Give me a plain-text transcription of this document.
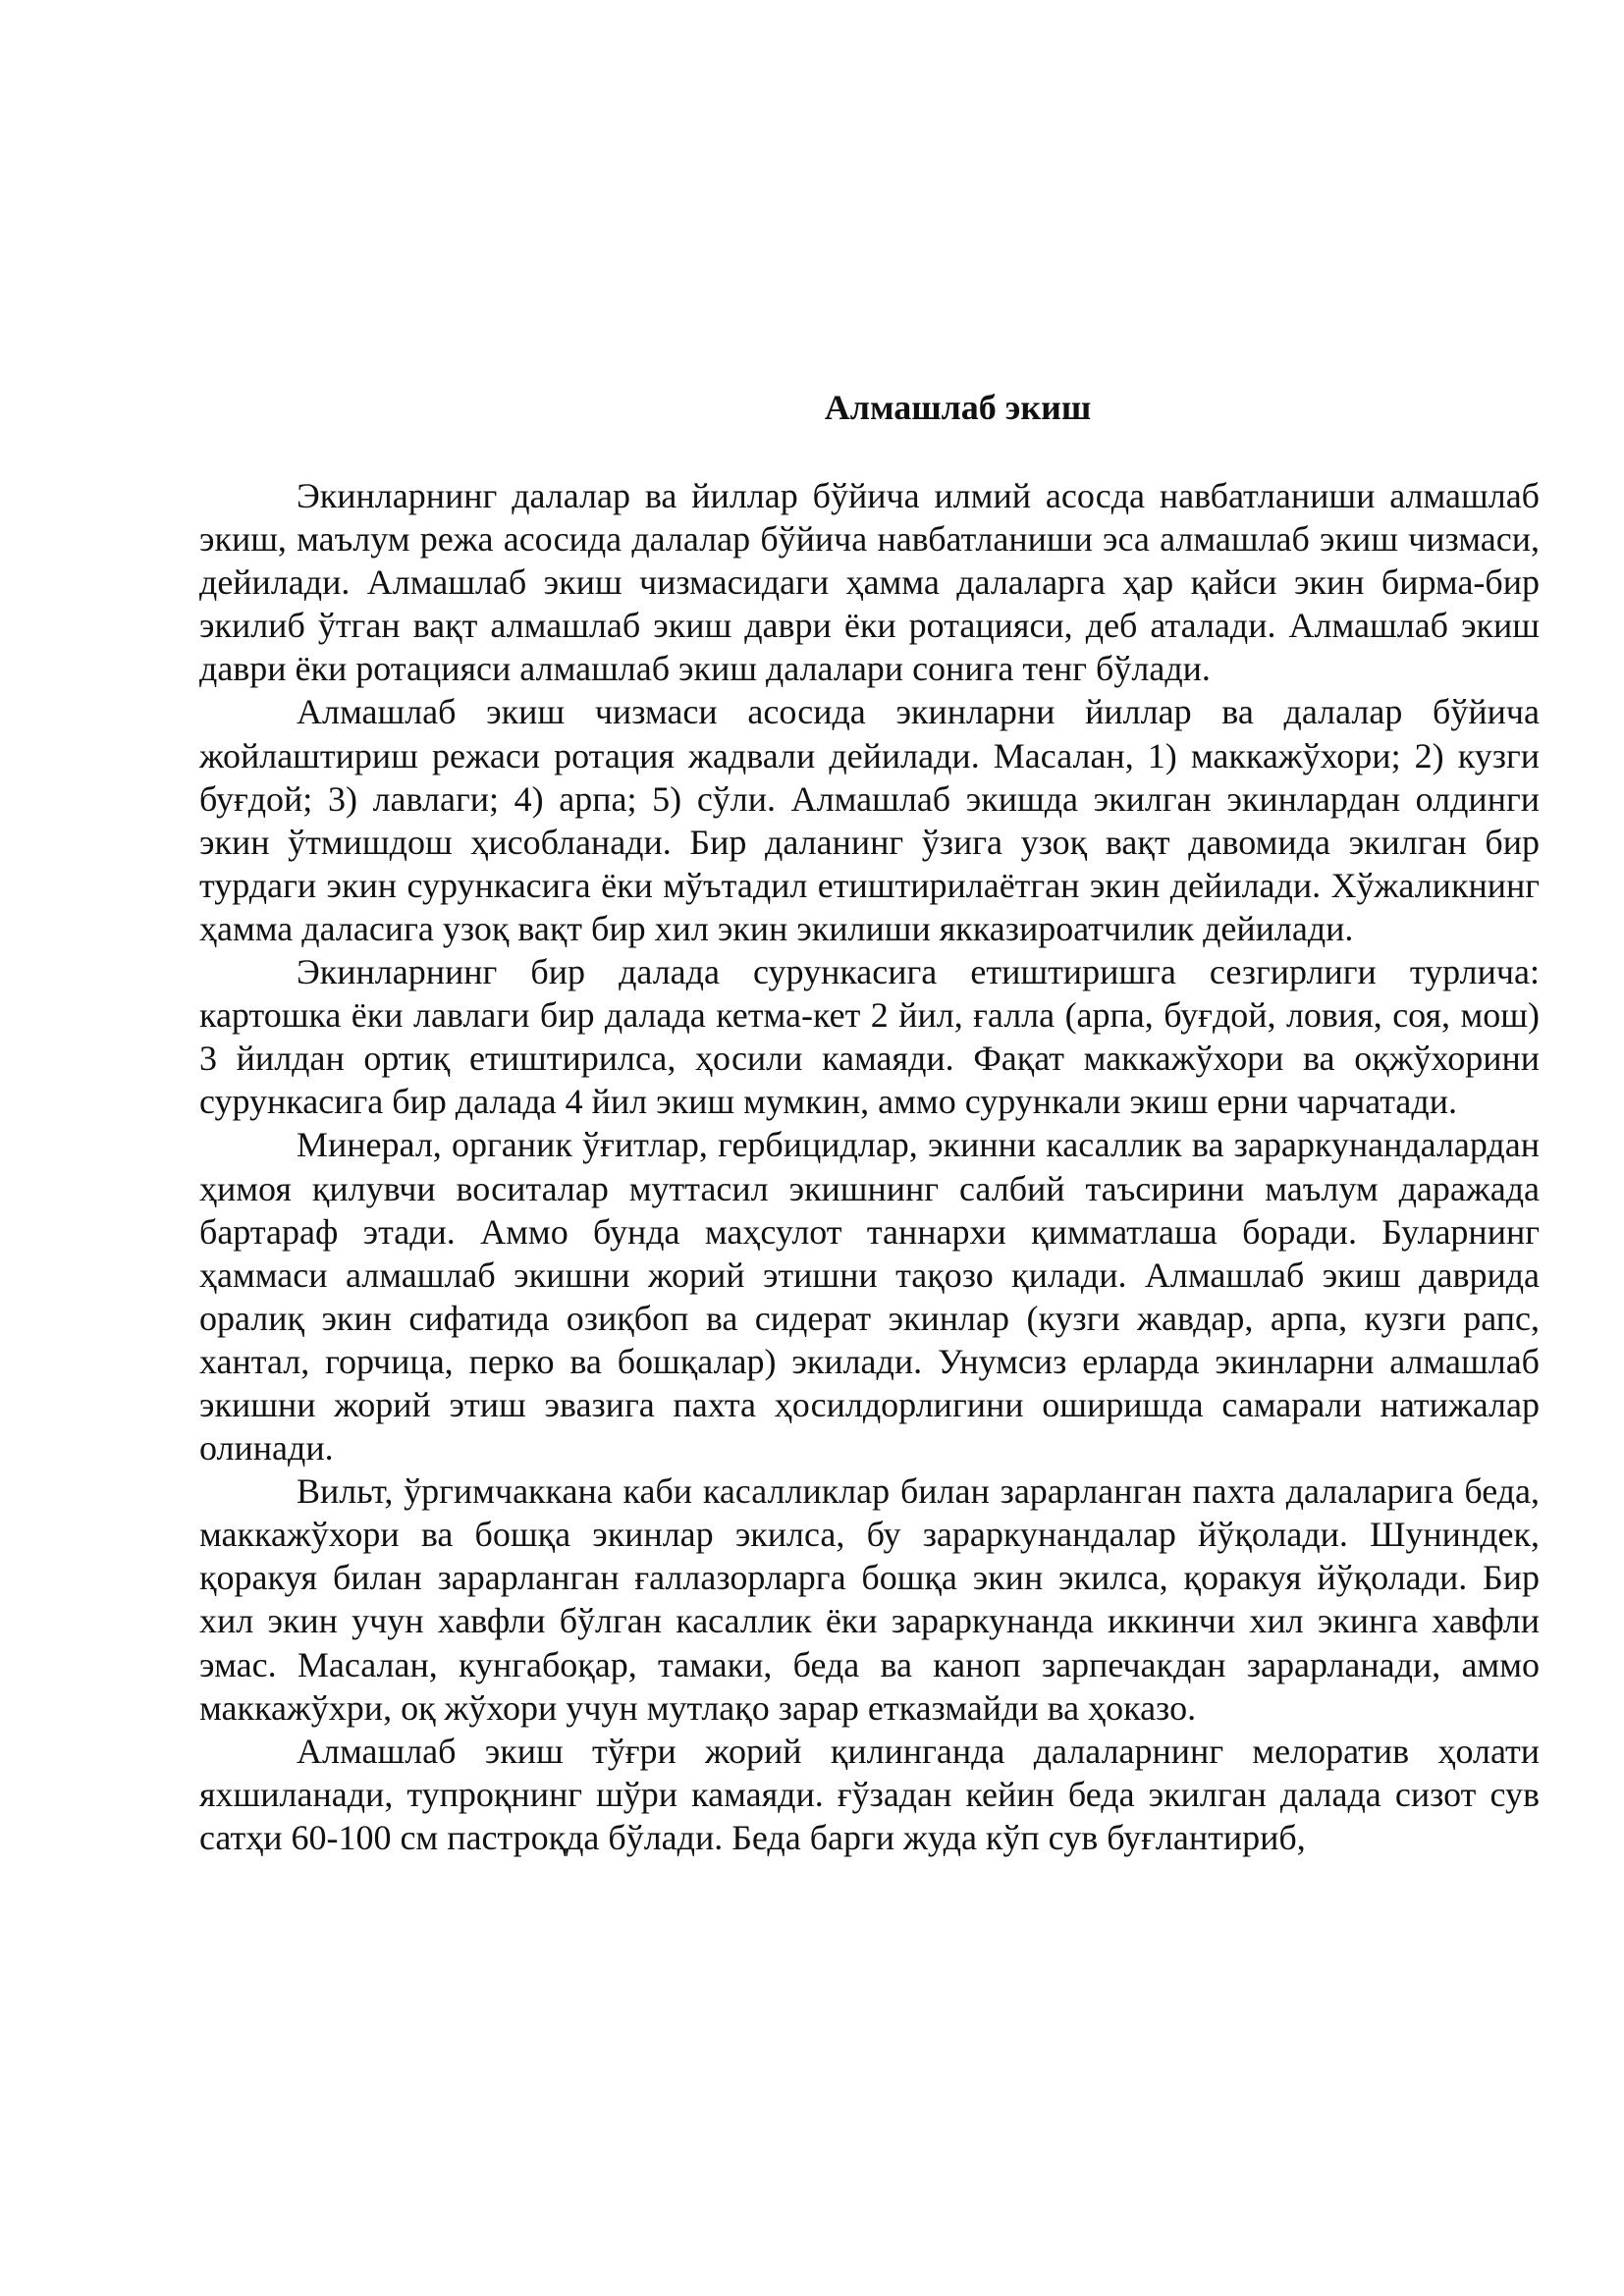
Алмашлаб экиш

Экинларнинг далалар ва йиллар бўйича илмий асосда навбатланиши алмашлаб экиш, маълум режа асосида далалар бўйича навбатланиши эса алмашлаб экиш чизмаси, дейилади. Алмашлаб экиш чизмасидаги ҳамма далаларга ҳар қайси экин бирма-бир экилиб ўтган вақт алмашлаб экиш даври ёки ротацияси, деб аталади. Алмашлаб экиш даври ёки ротацияси алмашлаб экиш далалари сонига тенг бўлади.

Алмашлаб экиш чизмаси асосида экинларни йиллар ва далалар бўйича жойлаштириш режаси ротация жадвали дейилади. Масалан, 1) маккажўхори; 2) кузги буғдой; 3) лавлаги; 4) арпа; 5) сўли. Алмашлаб экишда экилган экинлардан олдинги экин ўтмишдош ҳисобланади. Бир даланинг ўзига узоқ вақт давомида экилган бир турдаги экин сурункасига ёки мўътадил етиштирилаётган экин дейилади. Хўжаликнинг ҳамма даласига узоқ вақт бир хил экин экилиши якказироатчилик дейилади.

Экинларнинг бир далада сурункасига етиштиришга сезгирлиги турлича: картошка ёки лавлаги бир далада кетма-кет 2 йил, ғалла (арпа, буғдой, ловия, соя, мош) 3 йилдан ортиқ етиштирилса, ҳосили камаяди. Фақат маккажўхори ва оқжўхорини сурункасига бир далада 4 йил экиш мумкин, аммо сурункали экиш ерни чарчатади.

Минерал, органик ўғитлар, гербицидлар, экинни касаллик ва зараркунандалардан ҳимоя қилувчи воситалар муттасил экишнинг салбий таъсирини маълум даражада бартараф этади. Аммо бунда маҳсулот таннархи қимматлаша боради. Буларнинг ҳаммаси алмашлаб экишни жорий этишни тақозо қилади. Алмашлаб экиш даврида оралиқ экин сифатида озиқбоп ва сидерат экинлар (кузги жавдар, арпа, кузги рапс, хантал, горчица, перко ва бошқалар) экилади. Унумсиз ерларда экинларни алмашлаб экишни жорий этиш эвазига пахта ҳосилдорлигини оширишда самарали натижалар олинади.

Вильт, ўргимчаккана каби касалликлар билан зарарланган пахта далаларига беда, маккажўхори ва бошқа экинлар экилса, бу зараркунандалар йўқолади. Шуниндек, қоракуя билан зарарланган ғаллазорларга бошқа экин экилса, қоракуя йўқолади. Бир хил экин учун хавфли бўлган касаллик ёки зараркунанда иккинчи хил экинга хавфли эмас. Масалан, кунгабоқар, тамаки, беда ва каноп зарпечакдан зарарланади, аммо маккажўхри, оқ жўхори учун мутлақо зарар етказмайди ва ҳоказо.

Алмашлаб экиш тўғри жорий қилинганда далаларнинг мелоратив ҳолати яхшиланади, тупроқнинг шўри камаяди. ғўзадан кейин беда экилган далада сизот сув сатҳи 60-100 см пастроқда бўлади. Беда барги жуда кўп сув буғлантириб,
